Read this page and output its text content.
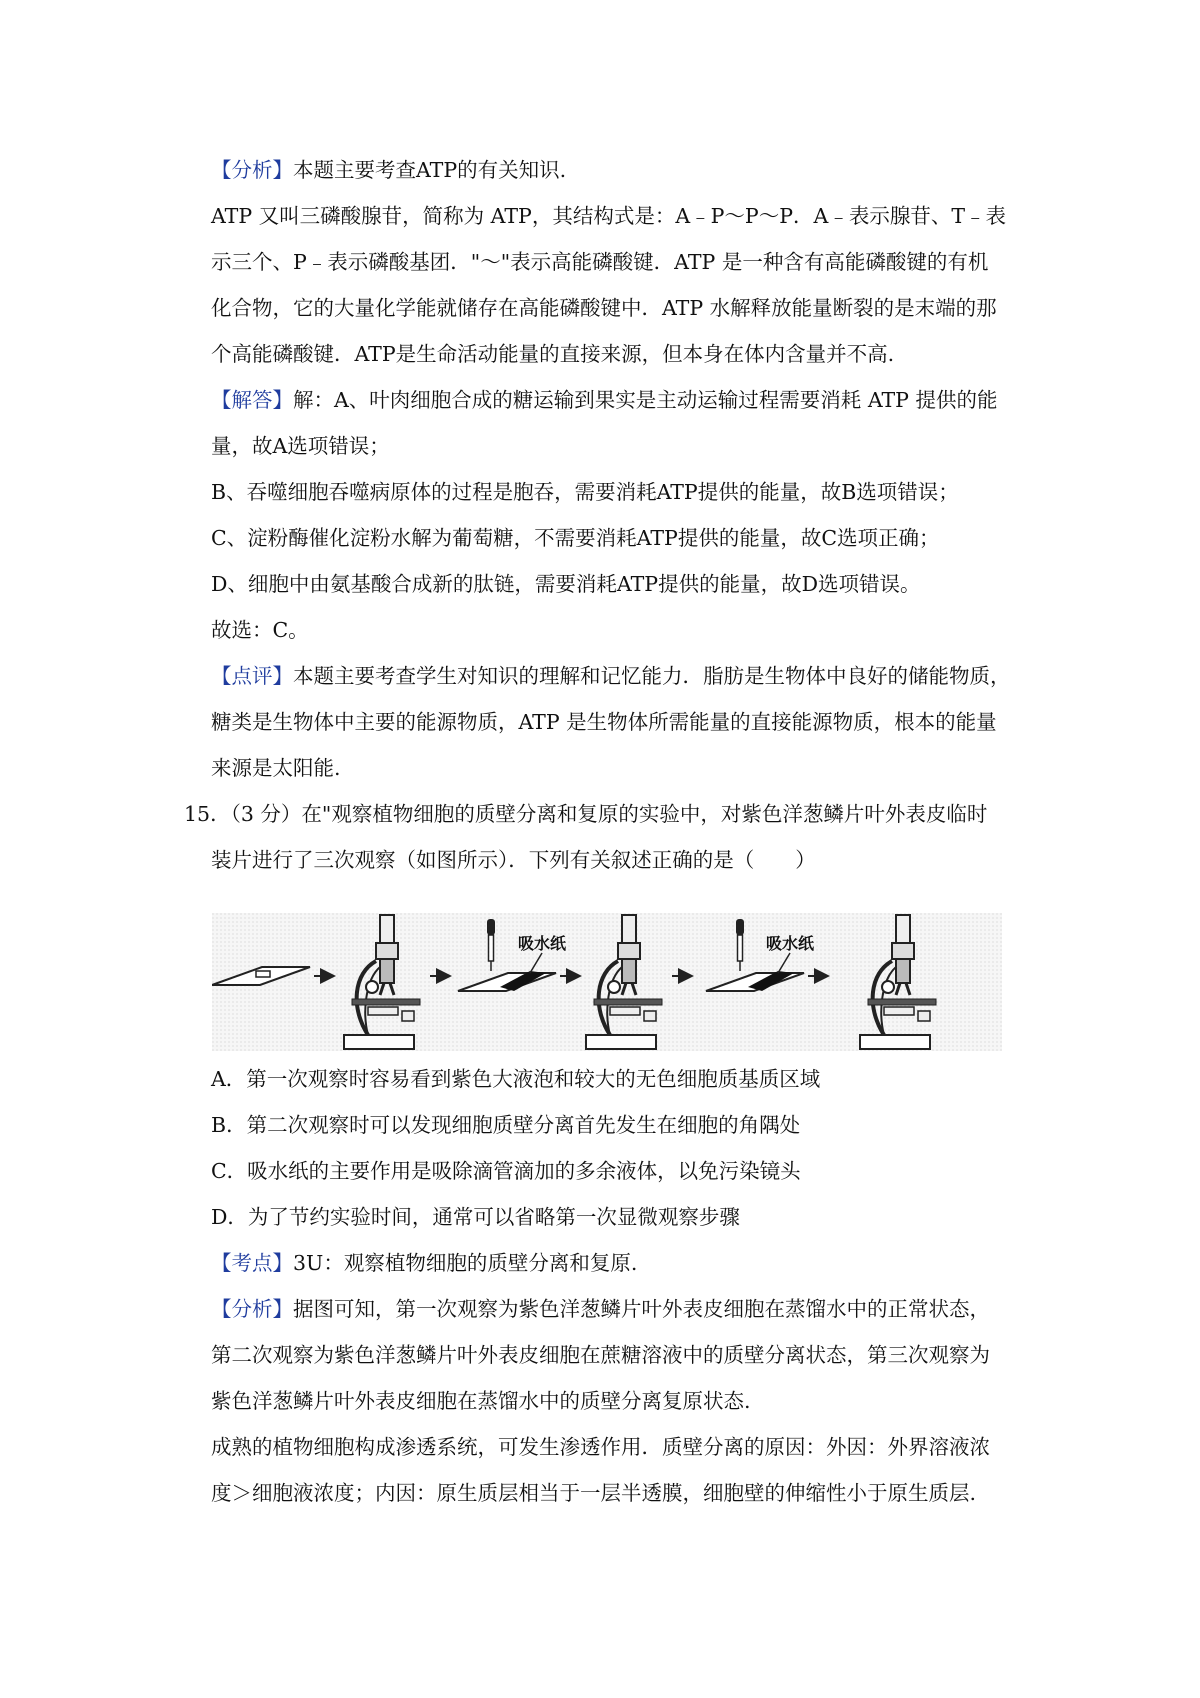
【分析】本题主要考查ATP的有关知识.
ATP 又叫三磷酸腺苷，简称为 ATP，其结构式是：A﹣P～P～P．A﹣表示腺苷、T﹣表
示三个、P﹣表示磷酸基团．"～"表示高能磷酸键．ATP 是一种含有高能磷酸键的有机
化合物，它的大量化学能就储存在高能磷酸键中．ATP 水解释放能量断裂的是末端的那
个高能磷酸键．ATP是生命活动能量的直接来源，但本身在体内含量并不高.
【解答】解：A、叶肉细胞合成的糖运输到果实是主动运输过程需要消耗 ATP 提供的能
量，故A选项错误；
B、吞噬细胞吞噬病原体的过程是胞吞，需要消耗ATP提供的能量，故B选项错误；
C、淀粉酶催化淀粉水解为葡萄糖，不需要消耗ATP提供的能量，故C选项正确；
D、细胞中由氨基酸合成新的肽链，需要消耗ATP提供的能量，故D选项错误。
故选：C。
【点评】本题主要考查学生对知识的理解和记忆能力．脂肪是生物体中良好的储能物质，
糖类是生物体中主要的能源物质，ATP 是生物体所需能量的直接能源物质，根本的能量
来源是太阳能.
15．（3 分）在"观察植物细胞的质壁分离和复原的实验中，对紫色洋葱鳞片叶外表皮临时
装片进行了三次观察（如图所示）．下列有关叙述正确的是（　　）
吸水纸	吸水纸
A．第一次观察时容易看到紫色大液泡和较大的无色细胞质基质区域
B．第二次观察时可以发现细胞质壁分离首先发生在细胞的角隅处
C．吸水纸的主要作用是吸除滴管滴加的多余液体，以免污染镜头
D．为了节约实验时间，通常可以省略第一次显微观察步骤
【考点】3U：观察植物细胞的质壁分离和复原.
【分析】据图可知，第一次观察为紫色洋葱鳞片叶外表皮细胞在蒸馏水中的正常状态，
第二次观察为紫色洋葱鳞片叶外表皮细胞在蔗糖溶液中的质壁分离状态，第三次观察为
紫色洋葱鳞片叶外表皮细胞在蒸馏水中的质壁分离复原状态.
成熟的植物细胞构成渗透系统，可发生渗透作用．质壁分离的原因：外因：外界溶液浓
度＞细胞液浓度；内因：原生质层相当于一层半透膜，细胞壁的伸缩性小于原生质层.
